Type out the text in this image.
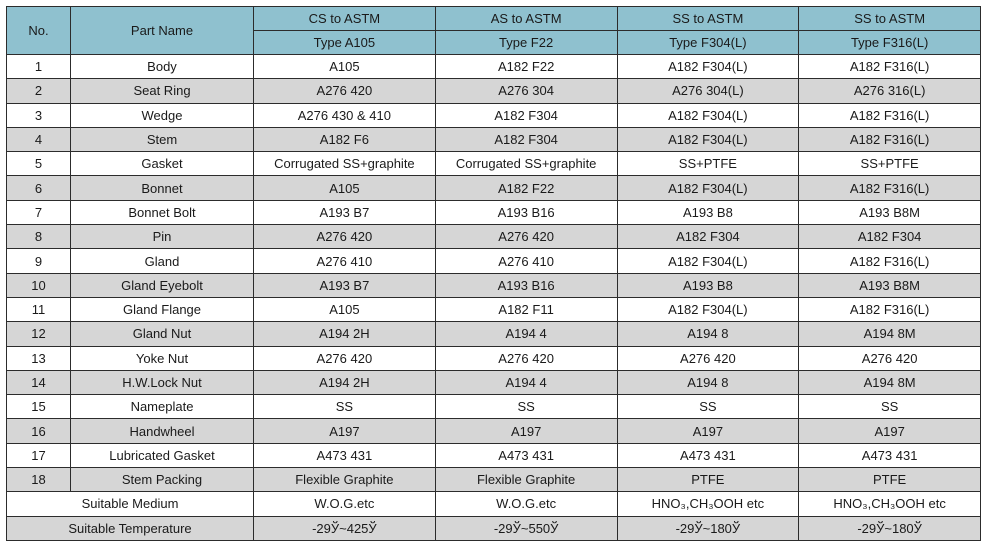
No.	Part Name	CS to ASTM	AS to ASTM	SS to ASTM	SS to ASTM
		Type A105	Type F22	Type F304(L)	Type F316(L)
1	Body	A105	A182 F22	A182 F304(L)	A182 F316(L)
2	Seat Ring	A276 420	A276 304	A276 304(L)	A276 316(L)
3	Wedge	A276 430 & 410	A182 F304	A182 F304(L)	A182 F316(L)
4	Stem	A182 F6	A182 F304	A182 F304(L)	A182 F316(L)
5	Gasket	Corrugated SS+graphite	Corrugated SS+graphite	SS+PTFE	SS+PTFE
6	Bonnet	A105	A182 F22	A182 F304(L)	A182 F316(L)
7	Bonnet Bolt	A193 B7	A193 B16	A193 B8	A193 B8M
8	Pin	A276 420	A276 420	A182 F304	A182 F304
9	Gland	A276 410	A276 410	A182 F304(L)	A182 F316(L)
10	Gland Eyebolt	A193 B7	A193 B16	A193 B8	A193 B8M
11	Gland Flange	A105	A182 F11	A182 F304(L)	A182 F316(L)
12	Gland Nut	A194 2H	A194 4	A194 8	A194 8M
13	Yoke Nut	A276 420	A276 420	A276 420	A276 420
14	H.W.Lock Nut	A194 2H	A194 4	A194 8	A194 8M
15	Nameplate	SS	SS	SS	SS
16	Handwheel	A197	A197	A197	A197
17	Lubricated Gasket	A473 431	A473 431	A473 431	A473 431
18	Stem Packing	Flexible Graphite	Flexible Graphite	PTFE	PTFE
Suitable Medium		W.O.G.etc	W.O.G.etc	HNO₃,CH₃OOH etc	HNO₃,CH₃OOH etc
Suitable Temperature		-29Ў~425Ў	-29Ў~550Ў	-29Ў~180Ў	-29Ў~180Ў
